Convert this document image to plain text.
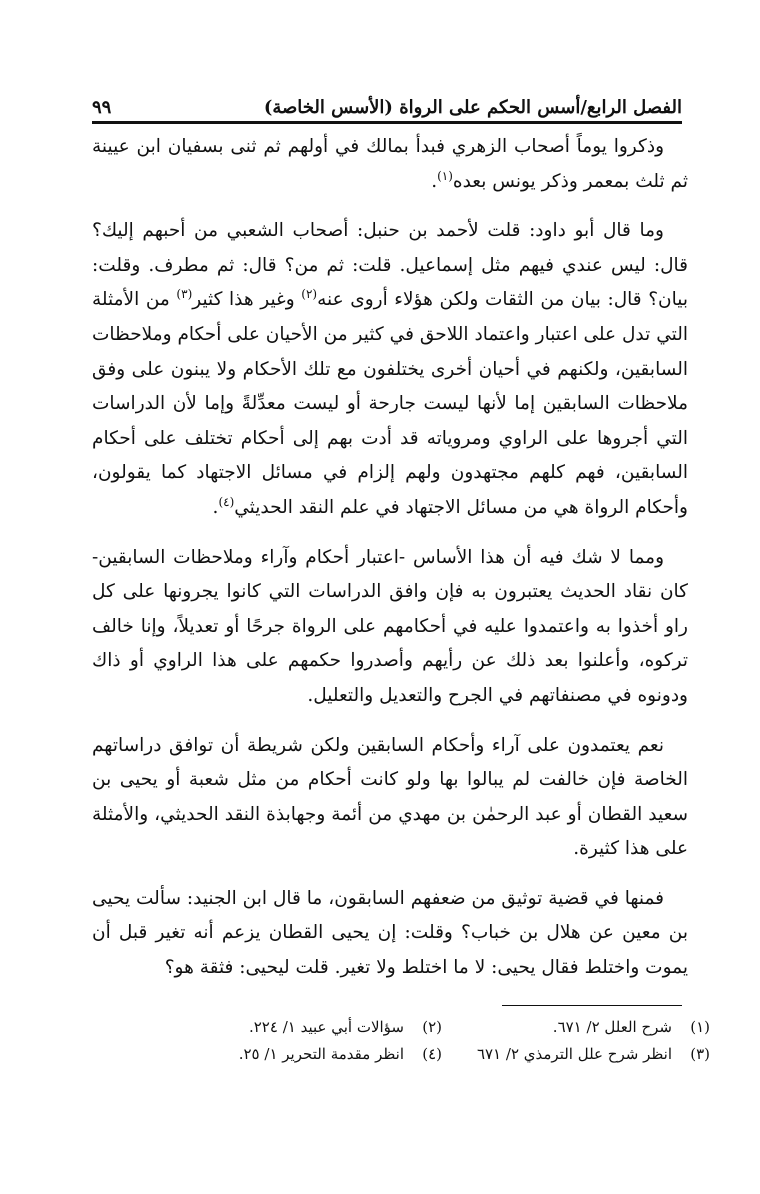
الفصل الرابع/أسس الحكم على الرواة (الأسس الخاصة)
٩٩

وذكروا يوماً أصحاب الزهري فبدأ بمالك في أولهم ثم ثنى بسفيان ابن عيينة ثم ثلث بمعمر وذكر يونس بعده$^{(١)}$.

وما قال أبو داود: قلت لأحمد بن حنبل: أصحاب الشعبي من أحبهم إليك؟ قال: ليس عندي فيهم مثل إسماعيل. قلت: ثم من؟ قال: ثم مطرف. وقلت: بيان؟ قال: بيان من الثقات ولكن هؤلاء أروى عنه$^{(٢)}$ وغير هذا كثير$^{(٣)}$ من الأمثلة التي تدل على اعتبار واعتماد اللاحق في كثير من الأحيان على أحكام وملاحظات السابقين، ولكنهم في أحيان أخرى يختلفون مع تلك الأحكام ولا يبنون على وفق ملاحظات السابقين إما لأنها ليست جارحة أو ليست معدِّلةً وإما لأن الدراسات التي أجروها على الراوي ومروياته قد أدت بهم إلى أحكام تختلف على أحكام السابقين، فهم كلهم مجتهدون ولهم إلزام في مسائل الاجتهاد كما يقولون، وأحكام الرواة هي من مسائل الاجتهاد في علم النقد الحديثي$^{(٤)}$.

ومما لا شك فيه أن هذا الأساس -اعتبار أحكام وآراء وملاحظات السابقين- كان نقاد الحديث يعتبرون به فإن وافق الدراسات التي كانوا يجرونها على كل راو أخذوا به واعتمدوا عليه في أحكامهم على الرواة جرحًا أو تعديلاً، وإنا خالف تركوه، وأعلنوا بعد ذلك عن رأيهم وأصدروا حكمهم على هذا الراوي أو ذاك ودونوه في مصنفاتهم في الجرح والتعديل والتعليل.

نعم يعتمدون على آراء وأحكام السابقين ولكن شريطة أن توافق دراساتهم الخاصة فإن خالفت لم يبالوا بها ولو كانت أحكام من مثل شعبة أو يحيى بن سعيد القطان أو عبد الرحمٰن بن مهدي من أئمة وجهابذة النقد الحديثي، والأمثلة على هذا كثيرة.

فمنها في قضية توثيق من ضعفهم السابقون، ما قال ابن الجنيد: سألت يحيى بن معين عن هلال بن خباب؟ وقلت: إن يحيى القطان يزعم أنه تغير قبل أن يموت واختلط فقال يحيى: لا ما اختلط ولا تغير. قلت ليحيى: فثقة هو؟

(١)شرح العلل ٢/ ٦٧١.
(٢)سؤالات أبي عبيد ١/ ٢٢٤.
(٣)انظر شرح علل الترمذي ٢/ ٦٧١
(٤)انظر مقدمة التحرير ١/ ٢٥.
